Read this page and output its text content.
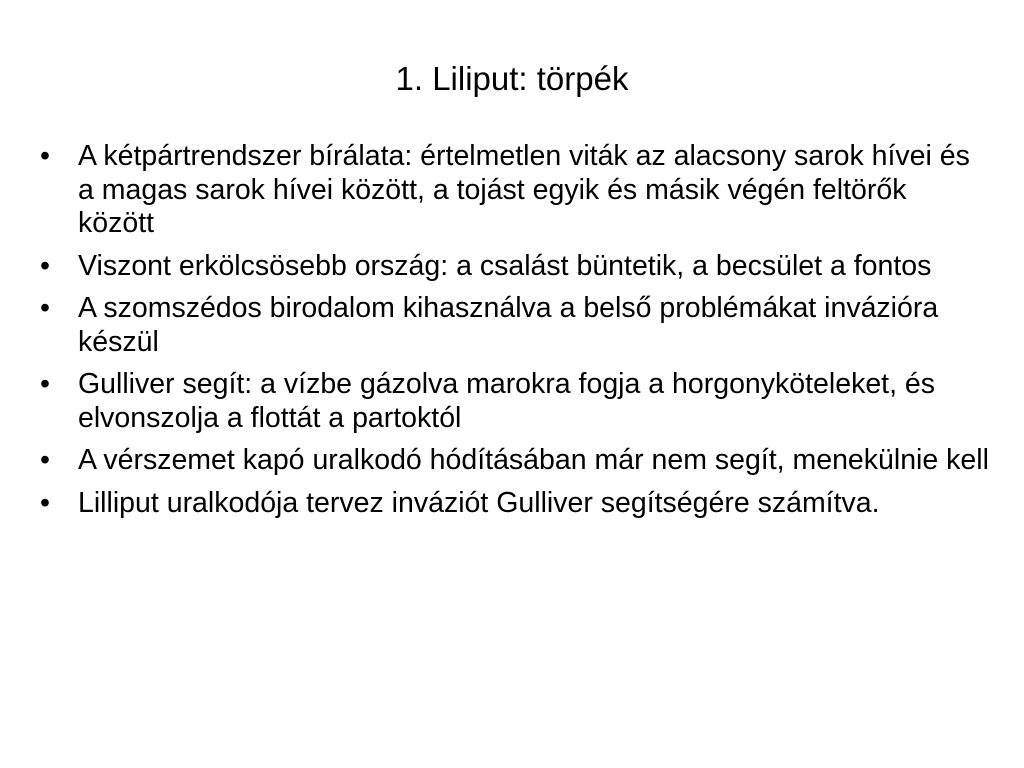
1. Liliput: törpék
• A kétpártrendszer bírálata: értelmetlen viták az alacsony sarok hívei és a magas sarok hívei között, a tojást egyik és másik végén feltörők között
• Viszont erkölcsösebb ország: a csalást büntetik, a becsület a fontos
• A szomszédos birodalom kihasználva a belső problémákat invázióra készül
• Gulliver segít: a vízbe gázolva marokra fogja a horgonyköteleket, és elvonszolja a flottát a partoktól
• A vérszemet kapó uralkodó hódításában már nem segít, menekülnie kell
• Lilliput uralkodója tervez inváziót Gulliver segítségére számítva.
